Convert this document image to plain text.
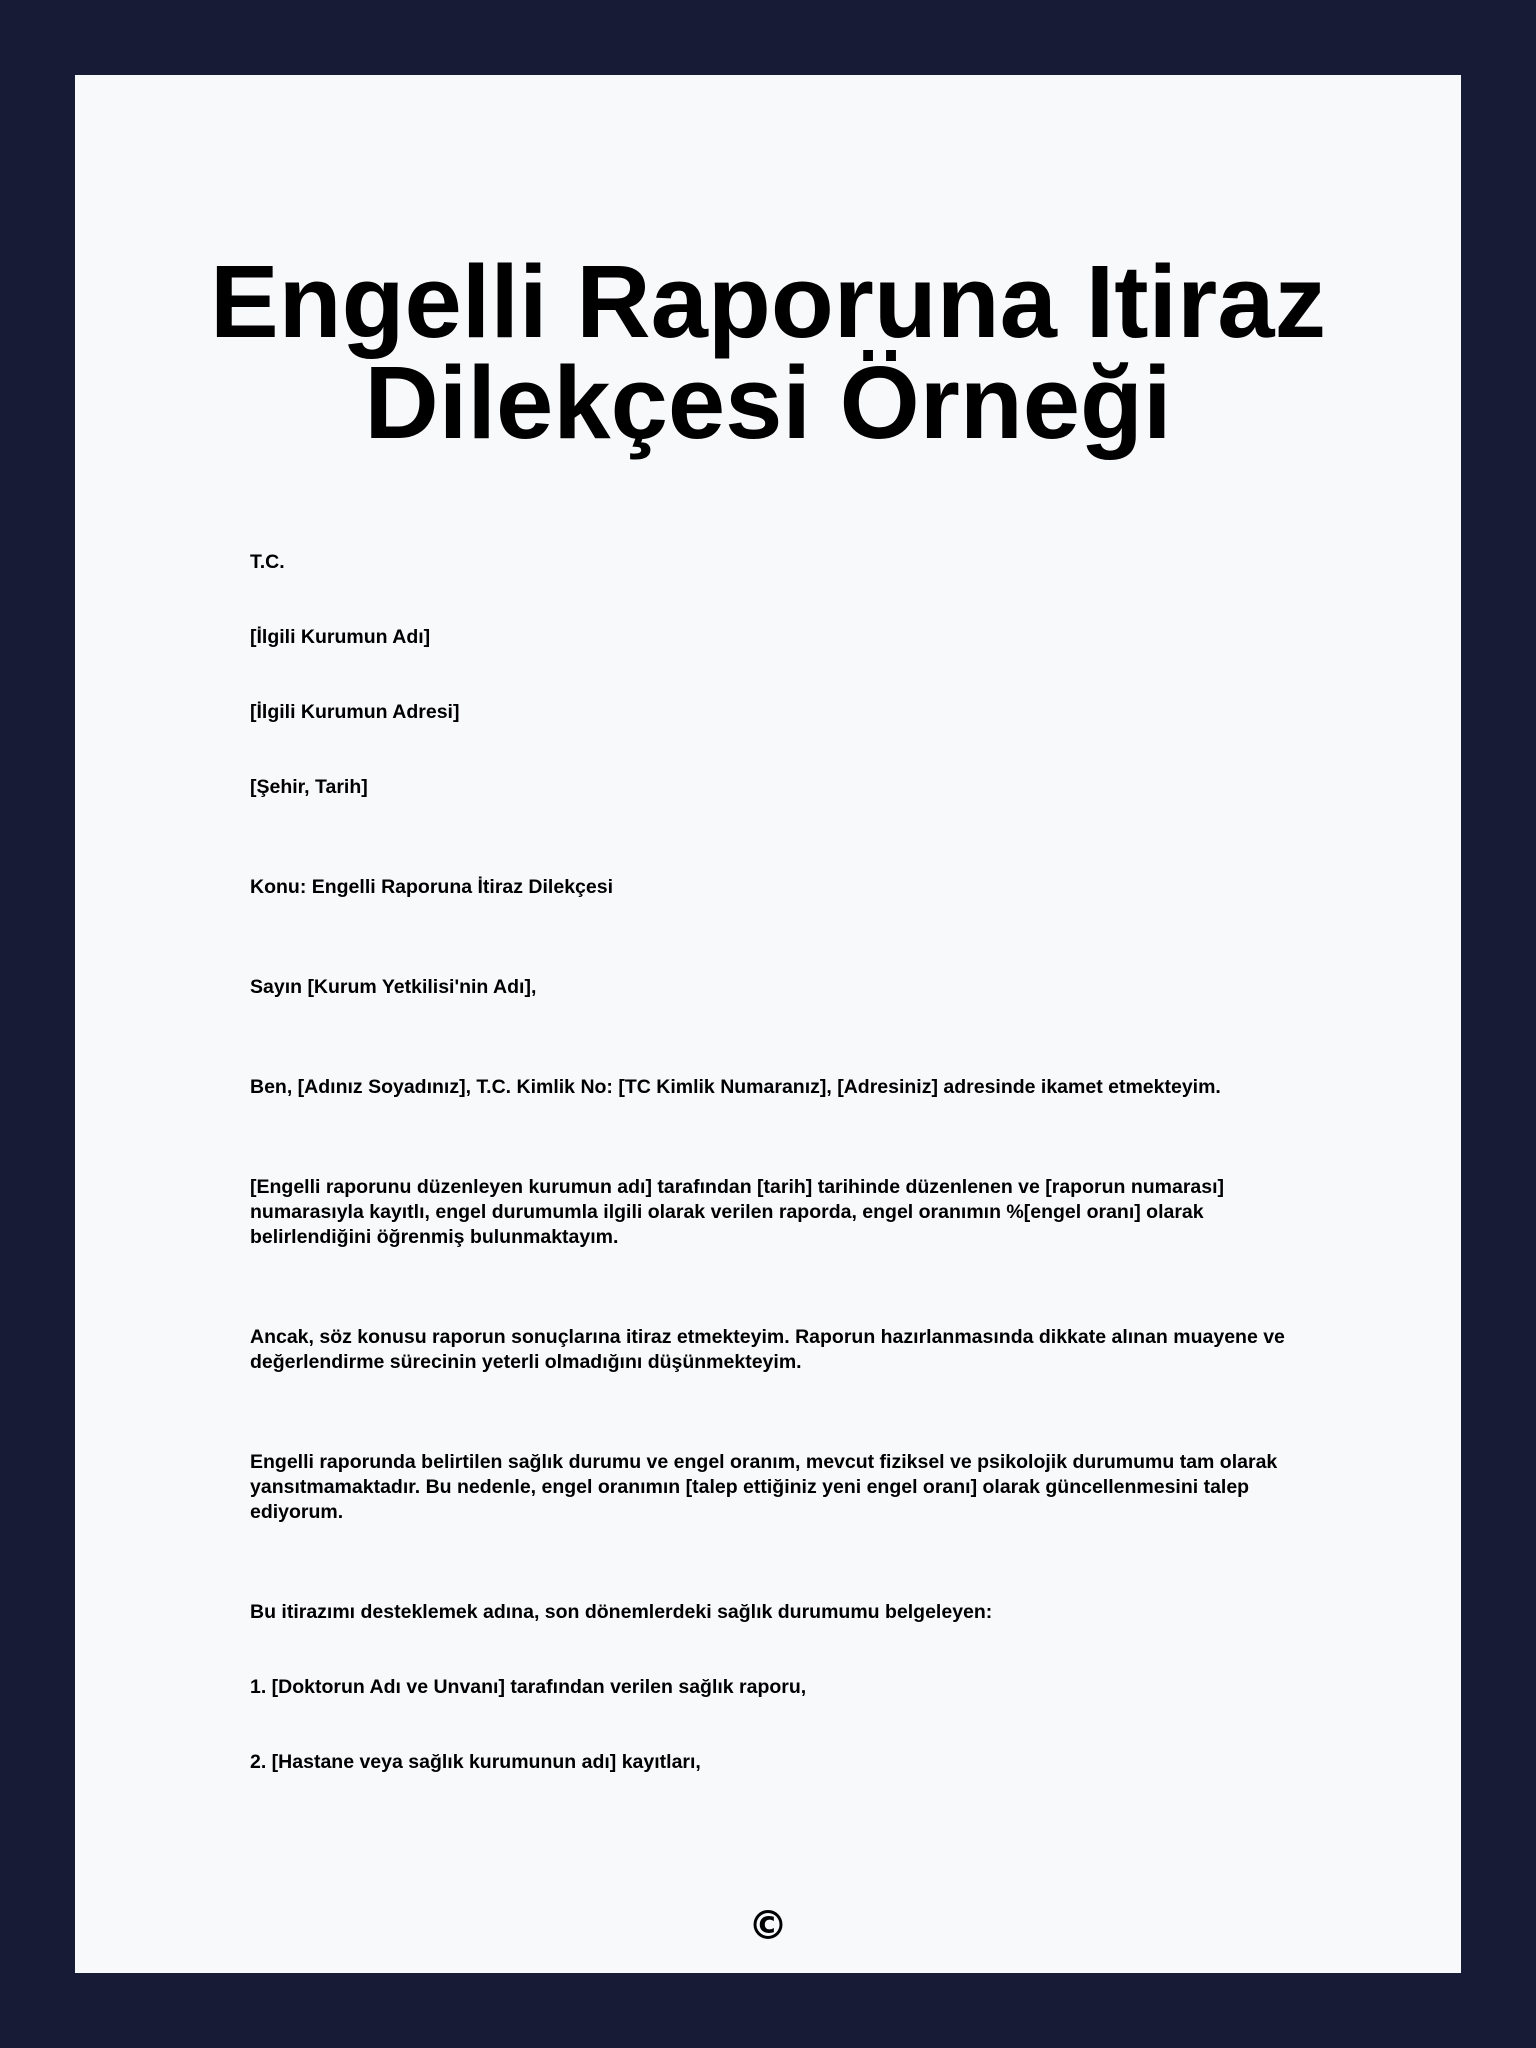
Engelli Raporuna Itiraz Dilekçesi Örneği

T.C.

[İlgili Kurumun Adı]

[İlgili Kurumun Adresi]

[Şehir, Tarih]

Konu: Engelli Raporuna İtiraz Dilekçesi

Sayın [Kurum Yetkilisi'nin Adı],

Ben, [Adınız Soyadınız], T.C. Kimlik No: [TC Kimlik Numaranız], [Adresiniz] adresinde ikamet etmekteyim.

[Engelli raporunu düzenleyen kurumun adı] tarafından [tarih] tarihinde düzenlenen ve [raporun numarası] numarasıyla kayıtlı, engel durumumla ilgili olarak verilen raporda, engel oranımın %[engel oranı] olarak belirlendiğini öğrenmiş bulunmaktayım.

Ancak, söz konusu raporun sonuçlarına itiraz etmekteyim. Raporun hazırlanmasında dikkate alınan muayene ve değerlendirme sürecinin yeterli olmadığını düşünmekteyim.

Engelli raporunda belirtilen sağlık durumu ve engel oranım, mevcut fiziksel ve psikolojik durumumu tam olarak yansıtmamaktadır. Bu nedenle, engel oranımın [talep ettiğiniz yeni engel oranı] olarak güncellenmesini talep ediyorum.

Bu itirazımı desteklemek adına, son dönemlerdeki sağlık durumumu belgeleyen:

1. [Doktorun Adı ve Unvanı] tarafından verilen sağlık raporu,

2. [Hastane veya sağlık kurumunun adı] kayıtları,

©
